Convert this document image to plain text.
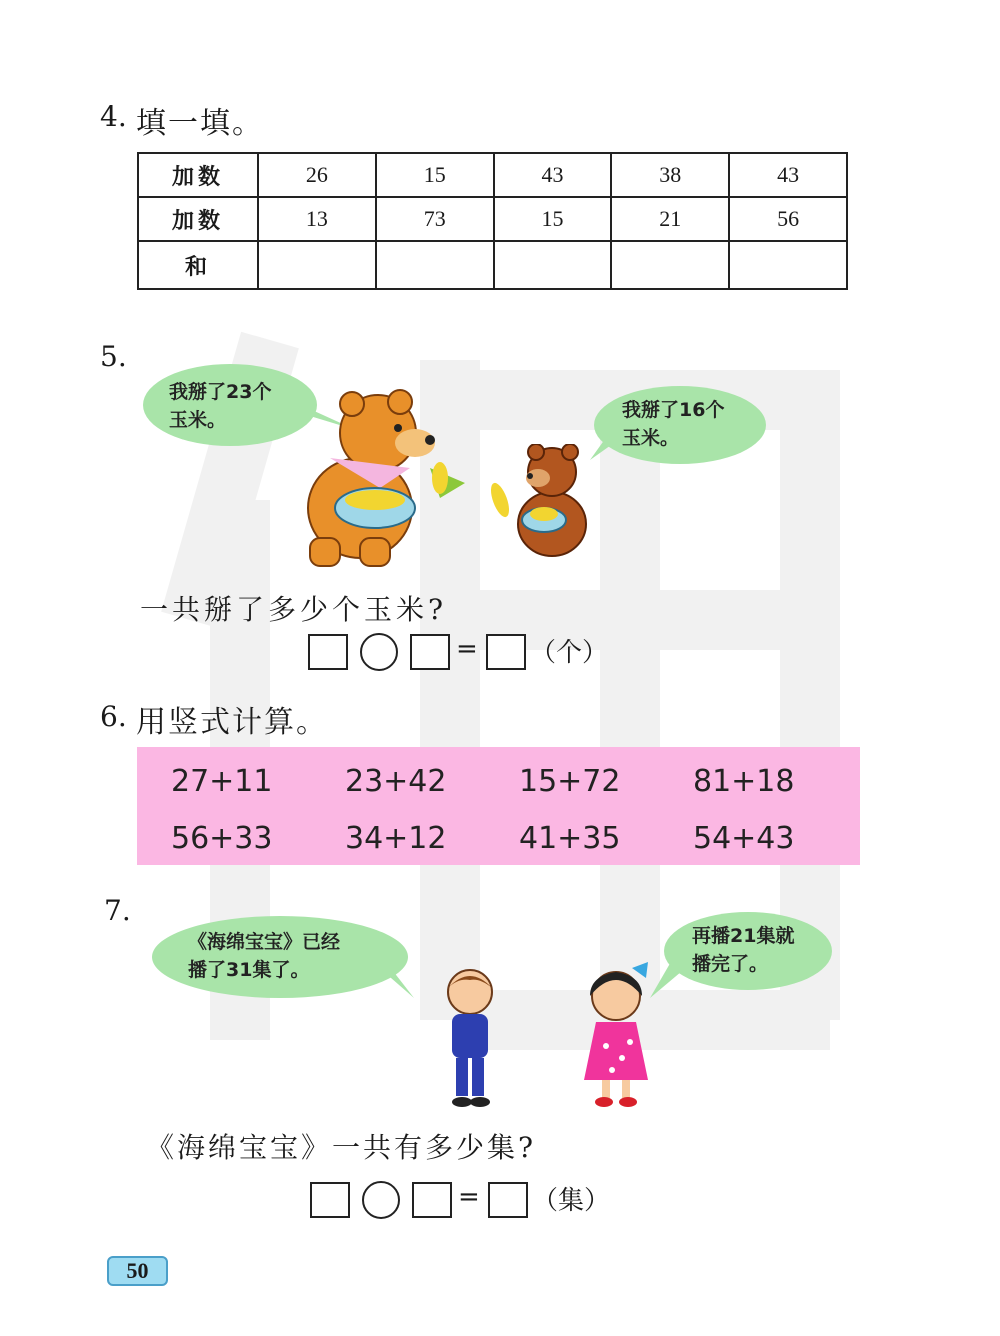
4. 填一填。
加数	26	15	43	38	43
加数	13	73	15	21	56
和					
5.
我掰了23个
玉米。	我掰了16个
玉米。
一共掰了多少个玉米?
= （个）
6. 用竖式计算。
27+11 23+42 15+72 81+18
56+33 34+12 41+35 54+43
7.
《海绵宝宝》已经
播了31集了。
再播21集就
播完了。
《海绵宝宝》一共有多少集?
= （集）
50
